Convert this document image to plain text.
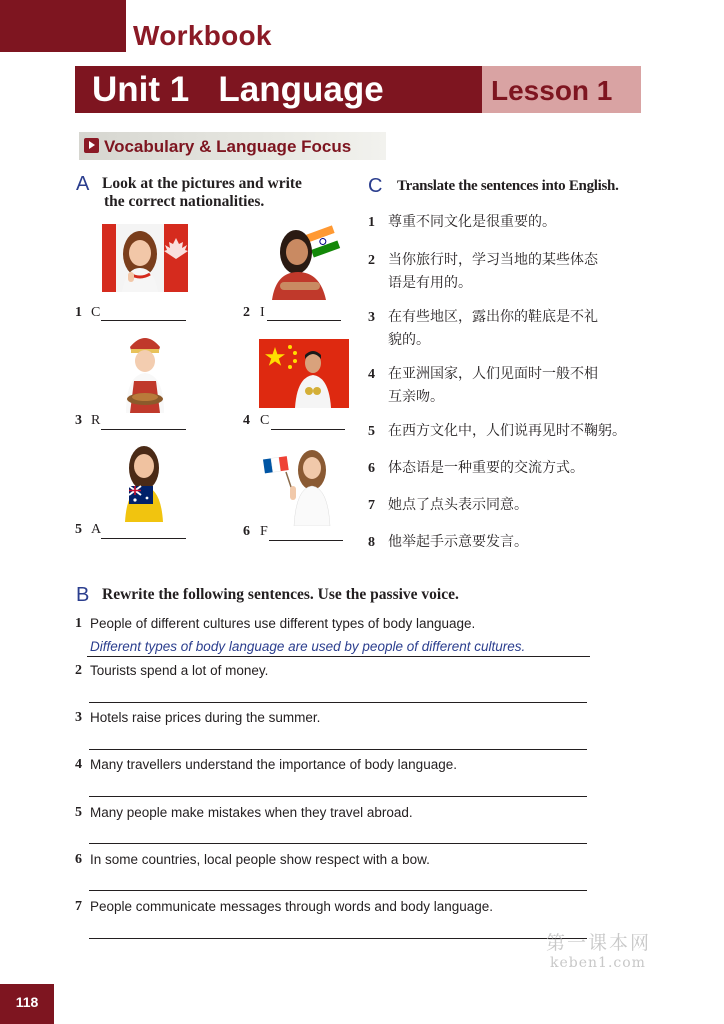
Workbook
Unit 1   Language	Lesson 1
Vocabulary & Language Focus
A Look at the pictures and write
the correct nationalities.
1 C	2 I
3 R	4 C
5 A	6 F
C Translate the sentences into English.
1 尊重不同文化是很重要的。
2 当你旅行时，学习当地的某些体态
语是有用的。
3 在有些地区，露出你的鞋底是不礼
貌的。
4 在亚洲国家，人们见面时一般不相
互亲吻。
5 在西方文化中，人们说再见时不鞠躬。
6 体态语是一种重要的交流方式。
7 她点了点头表示同意。
8 他举起手示意要发言。
B Rewrite the following sentences. Use the passive voice.
1 People of different cultures use different types of body language.
Different types of body language are used by people of different cultures.
2 Tourists spend a lot of money.
3 Hotels raise prices during the summer.
4 Many travellers understand the importance of body language.
5 Many people make mistakes when they travel abroad.
6 In some countries, local people show respect with a bow.
7 People communicate messages through words and body language.
第一课本网
keben1.com
118
